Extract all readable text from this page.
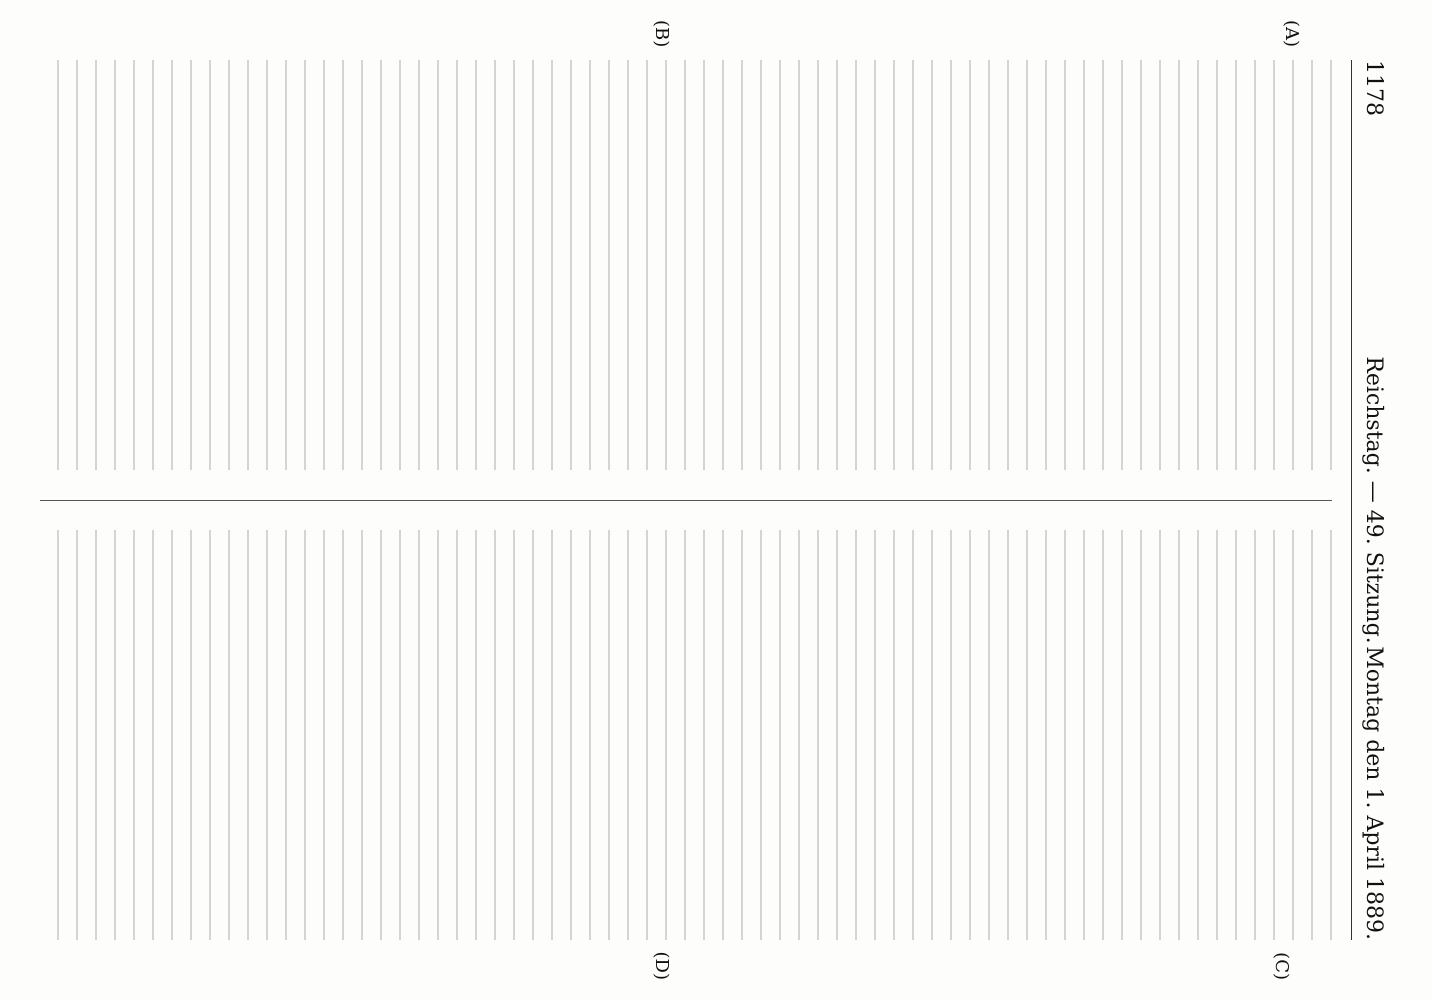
1178
Reichstag. — 49. Sitzung.
Montag den 1. April 1889.
(A)
(B)
(C)
(D)
